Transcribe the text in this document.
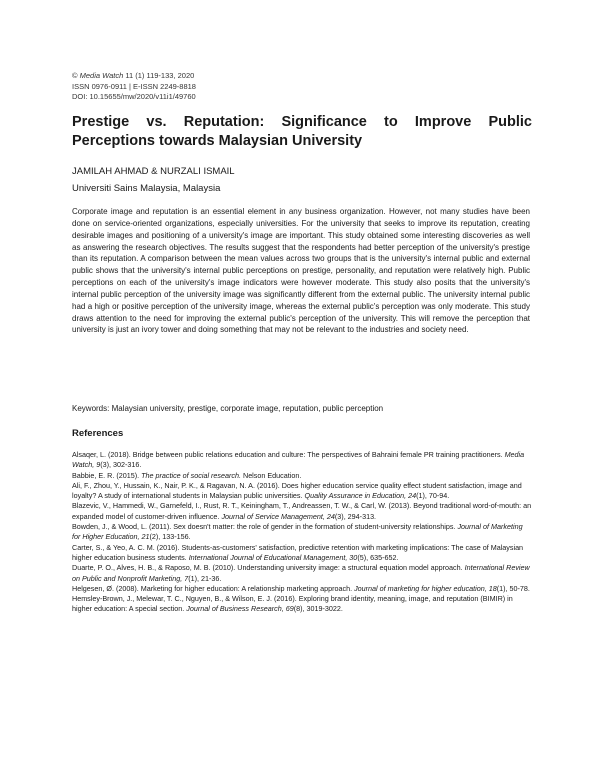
© Media Watch 11 (1) 119-133, 2020
ISSN 0976-0911 | E-ISSN 2249-8818
DOI: 10.15655/mw/2020/v11i1/49760
Prestige vs. Reputation: Significance to Improve Public Perceptions towards Malaysian University
JAMILAH AHMAD & NURZALI ISMAIL
Universiti Sains Malaysia, Malaysia

Corporate image and reputation is an essential element in any business organization. However, not many studies have been done on service-oriented organizations, especially universities. For the university that seeks to improve its reputation, creating desirable images and positioning of a university's image are important. This study obtained some interesting discoveries as well as answering the research objectives. The results suggest that the respondents had better perception of the university's prestige than its reputation. A comparison between the mean values across two groups that is the university's internal public and external public shows that the university's internal public perceptions on prestige, personality, and reputation were relatively high. Public perceptions on each of the university's image indicators were however moderate. This study also posits that the university's internal public perception of the university image was significantly different from the external public. The university internal public had a high or positive perception of the university image, whereas the external public's perception was only moderate. This study draws attention to the need for improving the external public's perception of the university. This will remove the perception that university is just an ivory tower and doing something that may not be relevant to the industries and society need.

Keywords: Malaysian university, prestige, corporate image, reputation, public perception

References
Alsaqer, L. (2018). Bridge between public relations education and culture: The perspectives of Bahraini female PR training practitioners. Media Watch, 9(3), 302-316.
Babbie, E. R. (2015). The practice of social research. Nelson Education.
Ali, F., Zhou, Y., Hussain, K., Nair, P. K., & Ragavan, N. A. (2016). Does higher education service quality effect student satisfaction, image and loyalty? A study of international students in Malaysian public universities. Quality Assurance in Education, 24(1), 70-94.
Blazevic, V., Hammedi, W., Garnefeld, I., Rust, R. T., Keiningham, T., Andreassen, T. W., & Carl, W. (2013). Beyond traditional word-of-mouth: an expanded model of customer-driven influence. Journal of Service Management, 24(3), 294-313.
Bowden, J., & Wood, L. (2011). Sex doesn't matter: the role of gender in the formation of student-university relationships. Journal of Marketing for Higher Education, 21(2), 133-156.
Carter, S., & Yeo, A. C. M. (2016). Students-as-customers' satisfaction, predictive retention with marketing implications: The case of Malaysian higher education business students. International Journal of Educational Management, 30(5), 635-652.
Duarte, P. O., Alves, H. B., & Raposo, M. B. (2010). Understanding university image: a structural equation model approach. International Review on Public and Nonprofit Marketing, 7(1), 21-36.
Helgesen, Ø. (2008). Marketing for higher education: A relationship marketing approach. Journal of marketing for higher education, 18(1), 50-78.
Hemsley-Brown, J., Melewar, T. C., Nguyen, B., & Wilson, E. J. (2016). Exploring brand identity, meaning, image, and reputation (BIMIR) in higher education: A special section. Journal of Business Research, 69(8), 3019-3022.
